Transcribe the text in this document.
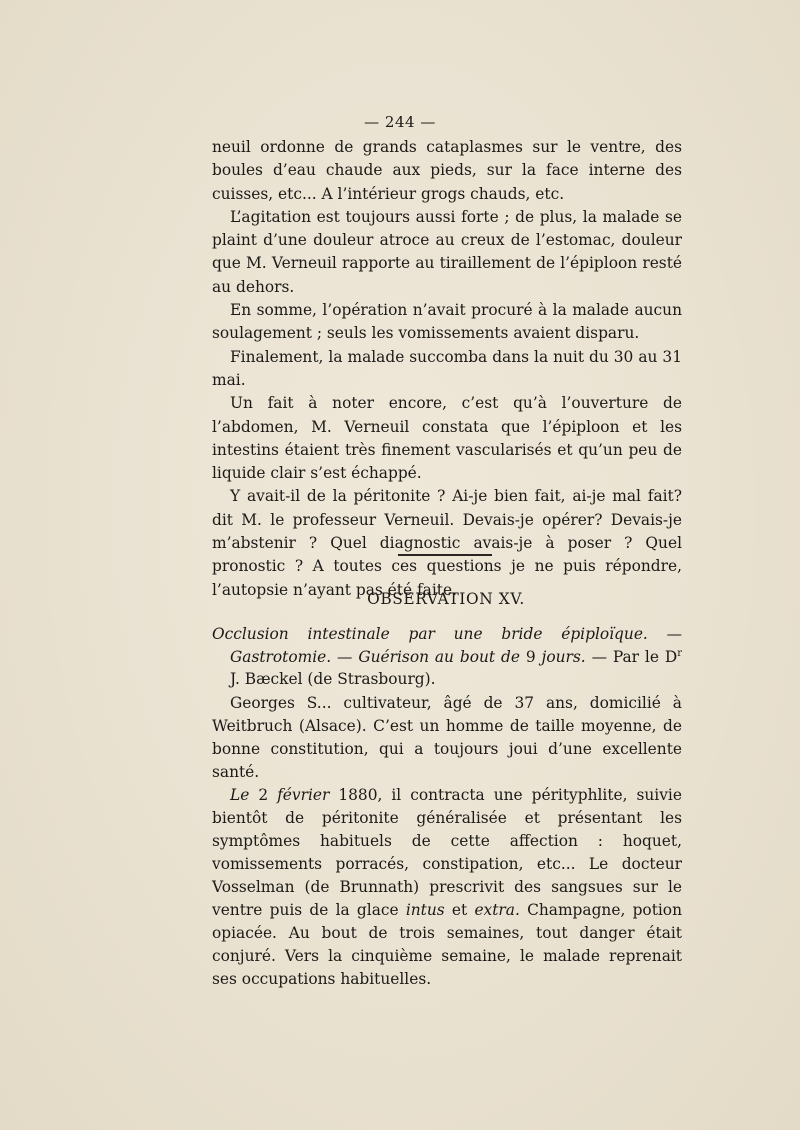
— 244 —

neuil ordonne de grands cataplasmes sur le ventre, des boules d’eau chaude aux pieds, sur la face interne des cuisses, etc... A l’intérieur grogs chauds, etc.

L’agitation est toujours aussi forte ; de plus, la malade se plaint d’une douleur atroce au creux de l’estomac, douleur que M. Verneuil rapporte au tiraillement de l’épiploon resté au dehors.

En somme, l’opération n’avait procuré à la malade aucun soulagement ; seuls les vomissements avaient disparu.

Finalement, la malade succomba dans la nuit du 30 au 31 mai.

Un fait à noter encore, c’est qu’à l’ouverture de l’abdomen, M. Verneuil constata que l’épiploon et les intestins étaient très finement vascularisés et qu’un peu de liquide clair s’est échappé.

Y avait-il de la péritonite ? Ai-je bien fait, ai-je mal fait? dit M. le professeur Verneuil. Devais-je opérer? Devais-je m’abstenir ? Quel diagnostic avais-je à poser ? Quel pronostic ? A toutes ces questions je ne puis répondre, l’autopsie n’ayant pas été faite.

OBSERVATION XV.

Occlusion intestinale par une bride épiploïque. — Gastrotomie. — Guérison au bout de 9 jours. — Par le $D^r$ J. Bæckel (de Strasbourg).

Georges S... cultivateur, âgé de 37 ans, domicilié à Weitbruch (Alsace). C’est un homme de taille moyenne, de bonne constitution, qui a toujours joui d’une excellente santé.

Le 2 février 1880, il contracta une pérityphlite, suivie bientôt de péritonite généralisée et présentant les symptômes habituels de cette affection : hoquet, vomissements porracés, constipation, etc... Le docteur Vosselman (de Brunnath) prescrivit des sangsues sur le ventre puis de la glace intus et extra. Champagne, potion opiacée. Au bout de trois semaines, tout danger était conjuré. Vers la cinquième semaine, le malade reprenait ses occupations habituelles.
